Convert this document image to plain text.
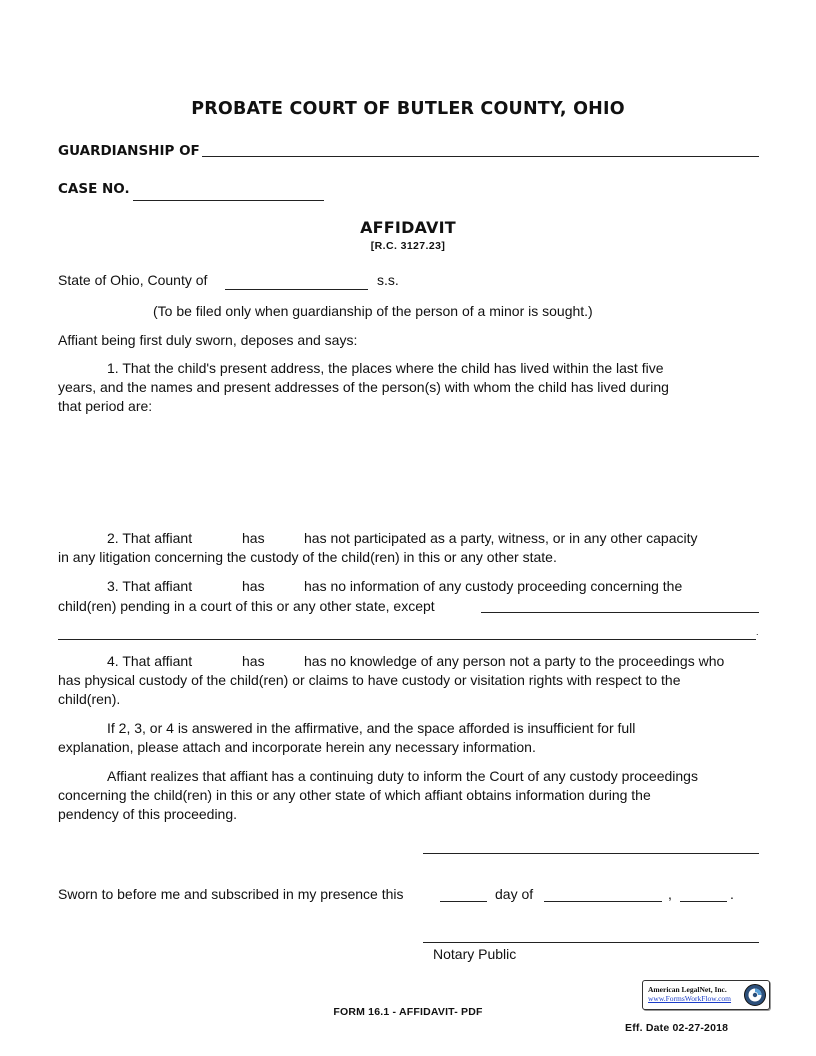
PROBATE COURT OF BUTLER COUNTY, OHIO
GUARDIANSHIP OF
CASE NO.
AFFIDAVIT
[R.C. 3127.23]
State of Ohio, County of	s.s.
(To be filed only when guardianship of the person of a minor is sought.)
Affiant being first duly sworn, deposes and says:
1. That the child's present address, the places where the child has lived within the last five
years, and the names and present addresses of the person(s) with whom the child has lived during
that period are:
2. That affiant	has	has not participated as a party, witness, or in any other capacity
in any litigation concerning the custody of the child(ren) in this or any other state.
3. That affiant	has	has no information of any custody proceeding concerning the
child(ren) pending in a court of this or any other state, except
.
4. That affiant	has	has no knowledge of any person not a party to the proceedings who
has physical custody of the child(ren) or claims to have custody or visitation rights with respect to the
child(ren).
If 2, 3, or 4 is answered in the affirmative, and the space afforded is insufficient for full
explanation, please attach and incorporate herein any necessary information.
Affiant realizes that affiant has a continuing duty to inform the Court of any custody proceedings
concerning the child(ren) in this or any other state of which affiant obtains information during the
pendency of this proceeding.
Sworn to before me and subscribed in my presence this	day of	,	.
Notary Public
FORM 16.1 - AFFIDAVIT- PDF
Eff. Date 02-27-2018
American LegalNet, Inc.
www.FormsWorkFlow.com
